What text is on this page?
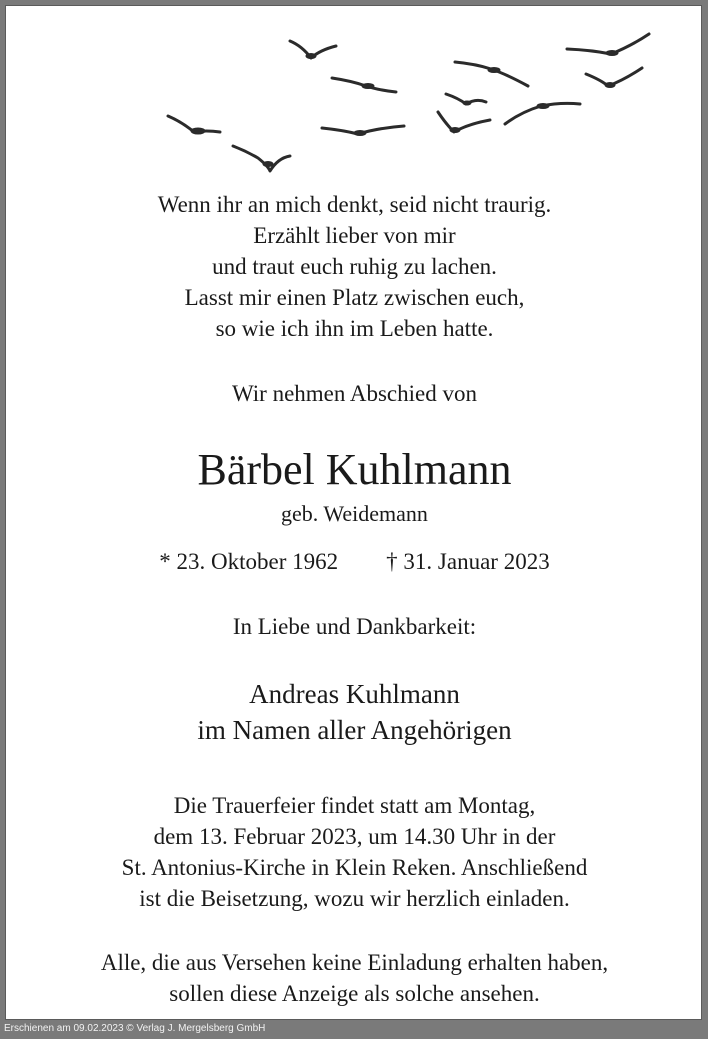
Wenn ihr an mich denkt, seid nicht traurig.
Erzählt lieber von mir
und traut euch ruhig zu lachen.
Lasst mir einen Platz zwischen euch,
so wie ich ihn im Leben hatte.
Wir nehmen Abschied von
Bärbel Kuhlmann
geb. Weidemann
* 23. Oktober 1962 † 31. Januar 2023
In Liebe und Dankbarkeit:
Andreas Kuhlmann
im Namen aller Angehörigen
Die Trauerfeier findet statt am Montag,
dem 13. Februar 2023, um 14.30 Uhr in der
St. Antonius-Kirche in Klein Reken. Anschließend
ist die Beisetzung, wozu wir herzlich einladen.
Alle, die aus Versehen keine Einladung erhalten haben,
sollen diese Anzeige als solche ansehen.
Erschienen am 09.02.2023 © Verlag J. Mergelsberg GmbH
